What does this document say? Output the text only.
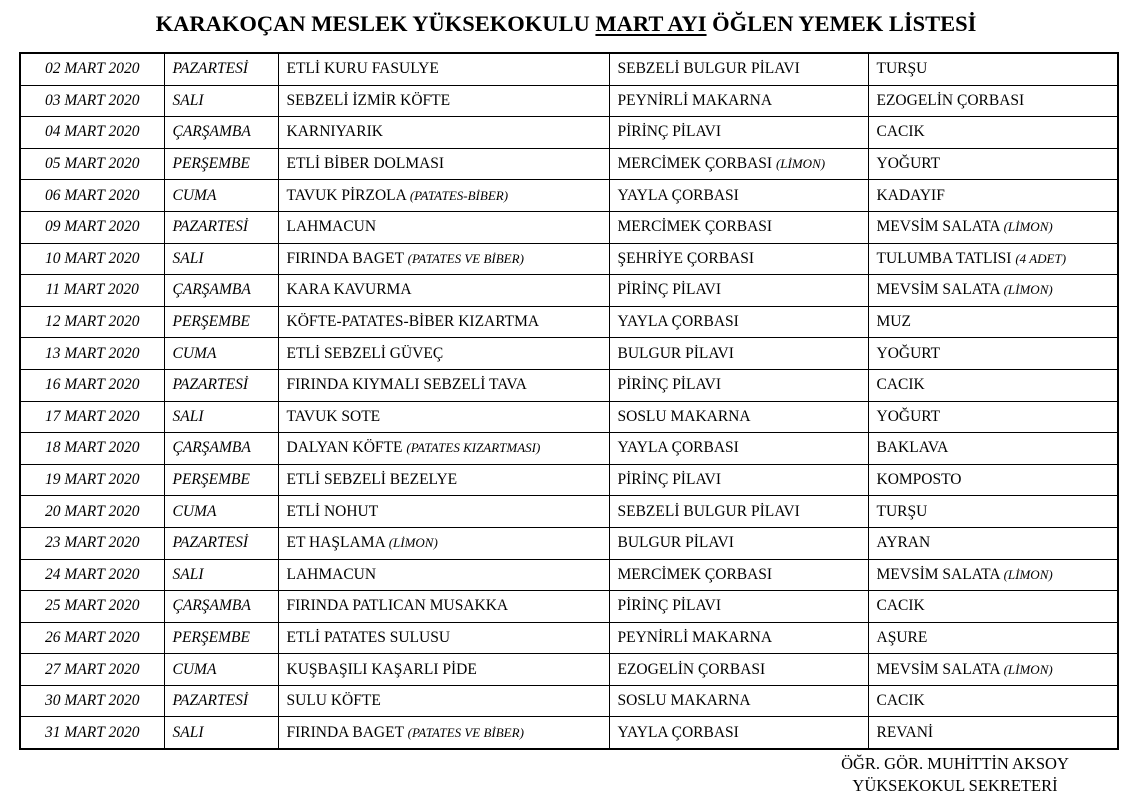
KARAKOÇAN MESLEK YÜKSEKOKULU MART AYI ÖĞLEN YEMEK LİSTESİ
02 MART 2020	PAZARTESİ	ETLİ KURU FASULYE	SEBZELİ BULGUR PİLAVI	TURŞU
03 MART 2020	SALI	SEBZELİ İZMİR KÖFTE	PEYNİRLİ MAKARNA	EZOGELİN ÇORBASI
04 MART 2020	ÇARŞAMBA	KARNIYARIK	PİRİNÇ PİLAVI	CACIK
05 MART 2020	PERŞEMBE	ETLİ BİBER DOLMASI	MERCİMEK ÇORBASI (LİMON)	YOĞURT
06 MART 2020	CUMA	TAVUK PİRZOLA (PATATES-BİBER)	YAYLA ÇORBASI	KADAYIF
09 MART 2020	PAZARTESİ	LAHMACUN	MERCİMEK ÇORBASI	MEVSİM SALATA (LİMON)
10 MART 2020	SALI	FIRINDA BAGET (PATATES VE BİBER)	ŞEHRİYE ÇORBASI	TULUMBA TATLISI (4 ADET)
11 MART 2020	ÇARŞAMBA	KARA KAVURMA	PİRİNÇ PİLAVI	MEVSİM SALATA (LİMON)
12 MART 2020	PERŞEMBE	KÖFTE-PATATES-BİBER KIZARTMA	YAYLA ÇORBASI	MUZ
13 MART 2020	CUMA	ETLİ SEBZELİ GÜVEÇ	BULGUR PİLAVI	YOĞURT
16 MART 2020	PAZARTESİ	FIRINDA KIYMALI SEBZELİ TAVA	PİRİNÇ PİLAVI	CACIK
17 MART 2020	SALI	TAVUK SOTE	SOSLU MAKARNA	YOĞURT
18 MART 2020	ÇARŞAMBA	DALYAN KÖFTE (PATATES KIZARTMASI)	YAYLA ÇORBASI	BAKLAVA
19 MART 2020	PERŞEMBE	ETLİ SEBZELİ BEZELYE	PİRİNÇ PİLAVI	KOMPOSTO
20 MART 2020	CUMA	ETLİ NOHUT	SEBZELİ BULGUR PİLAVI	TURŞU
23 MART 2020	PAZARTESİ	ET HAŞLAMA (LİMON)	BULGUR PİLAVI	AYRAN
24 MART 2020	SALI	LAHMACUN	MERCİMEK ÇORBASI	MEVSİM SALATA (LİMON)
25 MART 2020	ÇARŞAMBA	FIRINDA PATLICAN MUSAKKA	PİRİNÇ PİLAVI	CACIK
26 MART 2020	PERŞEMBE	ETLİ PATATES SULUSU	PEYNİRLİ MAKARNA	AŞURE
27 MART 2020	CUMA	KUŞBAŞILI KAŞARLI PİDE	EZOGELİN ÇORBASI	MEVSİM SALATA (LİMON)
30 MART 2020	PAZARTESİ	SULU KÖFTE	SOSLU MAKARNA	CACIK
31 MART 2020	SALI	FIRINDA BAGET (PATATES VE BİBER)	YAYLA ÇORBASI	REVANİ
ÖĞR. GÖR. MUHİTTİN AKSOY
YÜKSEKOKUL SEKRETERİ
